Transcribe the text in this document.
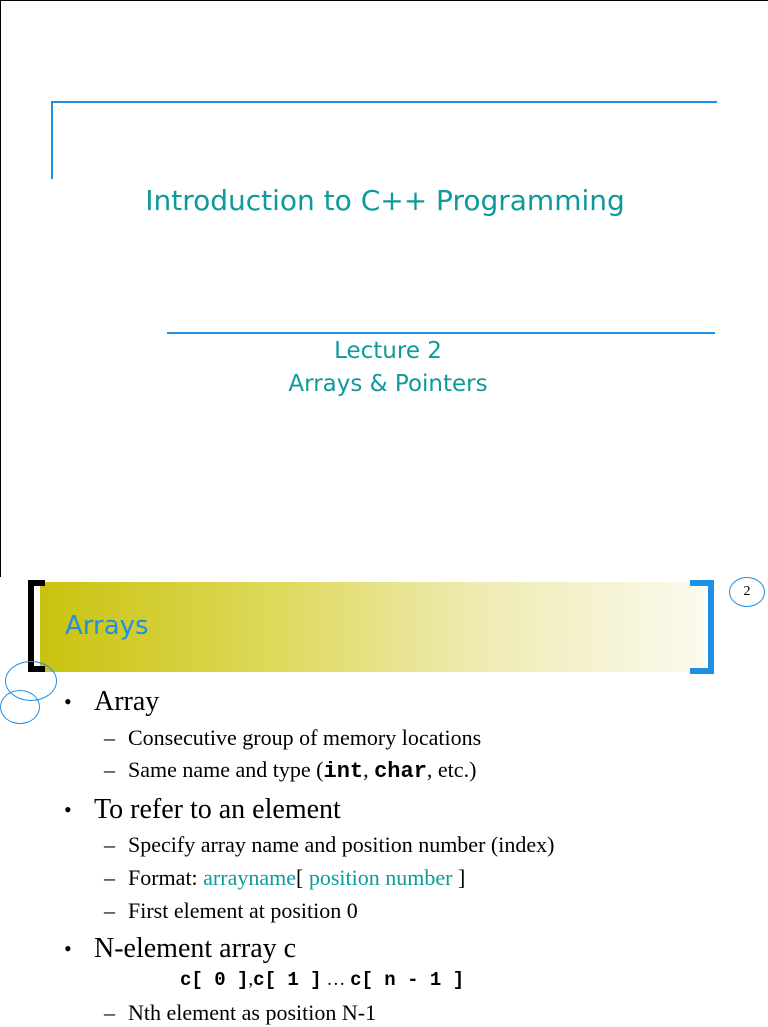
Introduction to C++ Programming
Lecture 2
Arrays & Pointers
Arrays
2
• Array
– Consecutive group of memory locations
– Same name and type (int, char, etc.)
• To refer to an element
– Specify array name and position number (index)
– Format: arrayname[ position number ]
– First element at position 0
• N-element array c
c[ 0 ],c[ 1 ] … c[ n - 1 ]
– Nth element as position N-1
